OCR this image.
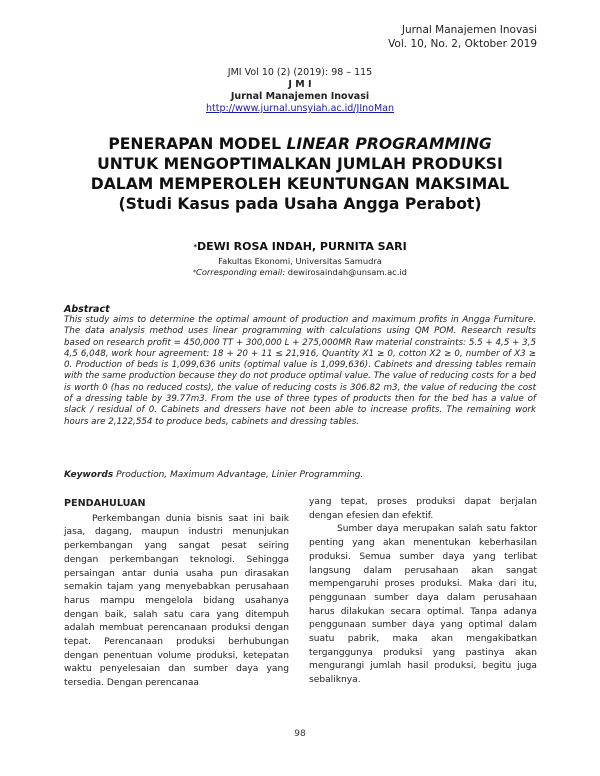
Jurnal Manajemen Inovasi
Vol. 10, No. 2, Oktober 2019
JMI Vol 10 (2) (2019): 98 – 115
J M I
Jurnal Manajemen Inovasi
http://www.jurnal.unsyiah.ac.id/JInoMan
PENERAPAN MODEL LINEAR PROGRAMMING
UNTUK MENGOPTIMALKAN JUMLAH PRODUKSI
DALAM MEMPEROLEH KEUNTUNGAN MAKSIMAL
(Studi Kasus pada Usaha Angga Perabot)
*DEWI ROSA INDAH, PURNITA SARI
Fakultas Ekonomi, Universitas Samudra
*Corresponding email: dewirosaindah@unsam.ac.id
Abstract
This study aims to determine the optimal amount of production and maximum profits in Angga Furniture. The data analysis method uses linear programming with calculations using QM POM. Research results based on research profit = 450,000 TT + 300,000 L + 275,000MR Raw material constraints: 5.5 + 4,5 + 3,5 4,5 6,048, work hour agreement: 18 + 20 + 11 ≤ 21,916, Quantity X1 ≥ 0, cotton X2 ≥ 0, number of X3 ≥ 0. Production of beds is 1,099,636 units (optimal value is 1,099,636). Cabinets and dressing tables remain with the same production because they do not produce optimal value. The value of reducing costs for a bed is worth 0 (has no reduced costs), the value of reducing costs is 306.82 m3, the value of reducing the cost of a dressing table by 39.77m3. From the use of three types of products then for the bed has a value of slack / residual of 0. Cabinets and dressers have not been able to increase profits. The remaining work hours are 2,122,554 to produce beds, cabinets and dressing tables.
Keywords Production, Maximum Advantage, Linier Programming.
PENDAHULUAN

Perkembangan dunia bisnis saat ini baik jasa, dagang, maupun industri menunjukan perkembangan yang sangat pesat seiring dengan perkembangan teknologi. Sehingga persaingan antar dunia usaha pun dirasakan semakin tajam yang menyebabkan perusahaan harus mampu mengelola bidang usahanya dengan baik, salah satu cara yang ditempuh adalah membuat perencanaan produksi dengan tepat. Perencanaan produksi berhubungan dengan penentuan volume produksi, ketepatan waktu penyelesaian dan sumber daya yang tersedia. Dengan perencanaa

yang tepat, proses produksi dapat berjalan dengan efesien dan efektif.

Sumber daya merupakan salah satu faktor penting yang akan menentukan keberhasilan produksi. Semua sumber daya yang terlibat langsung dalam perusahaan akan sangat mempengaruhi proses produksi. Maka dari itu, penggunaan sumber daya dalam perusahaan harus dilakukan secara optimal. Tanpa adanya penggunaan sumber daya yang optimal dalam suatu pabrik, maka akan mengakibatkan terganggunya produksi yang pastinya akan mengurangi jumlah hasil produksi, begitu juga sebaliknya.

98
